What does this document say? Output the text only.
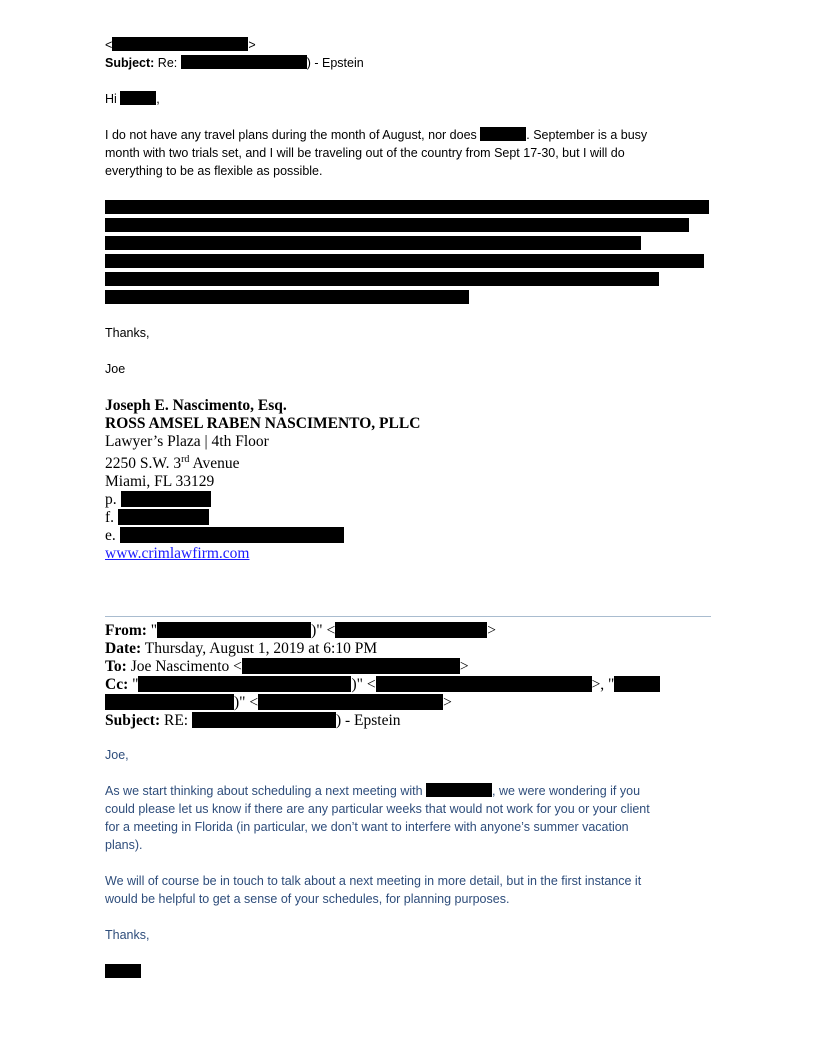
<	>
Subject: Re:	) - Epstein
Hi	,
I do not have any travel plans during the month of August, nor does	. September is a busy
month with two trials set, and I will be traveling out of the country from Sept 17-30, but I will do
everything to be as flexible as possible.
Thanks,
Joe
Joseph E. Nascimento, Esq.
ROSS AMSEL RABEN NASCIMENTO, PLLC
Lawyer’s Plaza | 4th Floor
2250 S.W. 3rd Avenue
Miami, FL 33129
p.
f.
e.
www.crimlawfirm.com
From: "	)" <	>
Date: Thursday, August 1, 2019 at 6:10 PM
To: Joe Nascimento <	>
Cc: "	)" <	>, "
)" <	>
Subject: RE:	) - Epstein
Joe,
As we start thinking about scheduling a next meeting with	, we were wondering if you
could please let us know if there are any particular weeks that would not work for you or your client
for a meeting in Florida (in particular, we don’t want to interfere with anyone’s summer vacation
plans).
We will of course be in touch to talk about a next meeting in more detail, but in the first instance it
would be helpful to get a sense of your schedules, for planning purposes.
Thanks,
